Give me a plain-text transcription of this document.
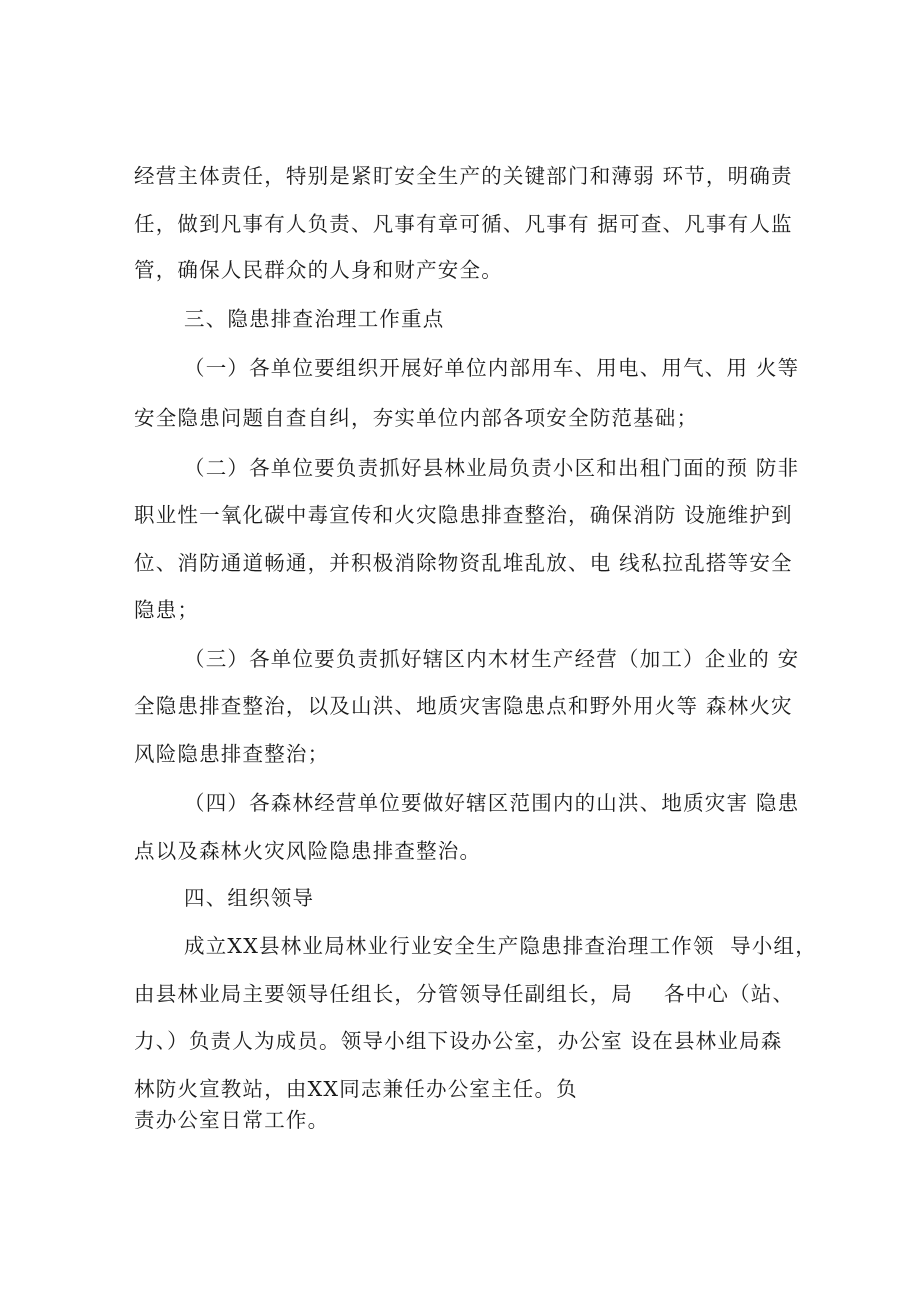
经营主体责任，特别是紧盯安全生产的关键部门和薄弱 环节，明确责
任，做到凡事有人负责、凡事有章可循、凡事有 据可查、凡事有人监
管，确保人民群众的人身和财产安全。
三、隐患排查治理工作重点
（一）各单位要组织开展好单位内部用车、用电、用气、用 火等
安全隐患问题自查自纠，夯实单位内部各项安全防范基础；
（二）各单位要负责抓好县林业局负责小区和出租门面的预 防非
职业性一氧化碳中毒宣传和火灾隐患排查整治，确保消防 设施维护到
位、消防通道畅通，并积极消除物资乱堆乱放、电 线私拉乱搭等安全
隐患；
（三）各单位要负责抓好辖区内木材生产经营（加工）企业的 安
全隐患排查整治，以及山洪、地质灾害隐患点和野外用火等 森林火灾
风险隐患排查整治；
（四）各森林经营单位要做好辖区范围内的山洪、地质灾害 隐患
点以及森林火灾风险隐患排查整治。
四、组织领导
成立XX县林业局林业行业安全生产隐患排查治理工作领  导小组，
由县林业局主要领导任组长，分管领导任副组长，局    各中心（站、
力、）负责人为成员。领导小组下设办公室，办公室 设在县林业局森
林防火宣教站，由XX同志兼任办公室主任。负
责办公室日常工作。
